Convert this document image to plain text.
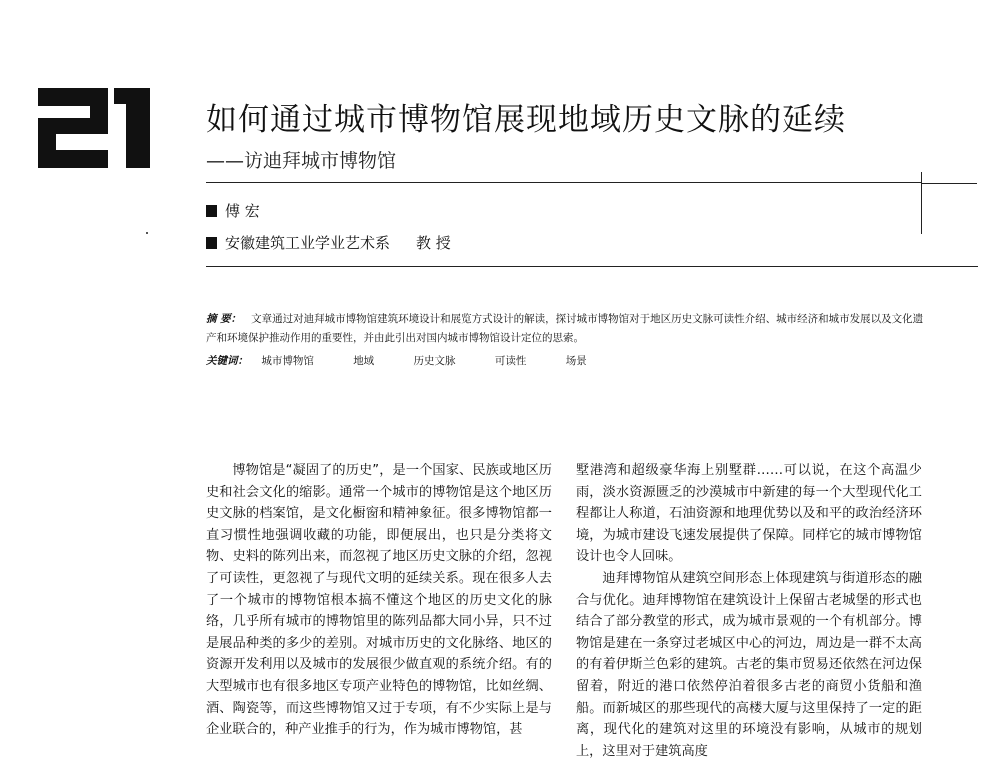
如何通过城市博物馆展现地域历史文脉的延续
——访迪拜城市博物馆
傅 宏
安徽建筑工业学业艺术系 教 授
摘 要： 文章通过对迪拜城市博物馆建筑环境设计和展览方式设计的解读，探讨城市博物馆对于地区历史文脉可读性介绍、城市经济和城市发展以及文化遗产和环境保护推动作用的重要性，并由此引出对国内城市博物馆设计定位的思索。
关键词： 城市博物馆	地域	历史文脉	可读性	场景

博物馆是“凝固了的历史”，是一个国家、民族或地区历史和社会文化的缩影。通常一个城市的博物馆是这个地区历史文脉的档案馆，是文化橱窗和精神象征。很多博物馆都一直习惯性地强调收藏的功能，即便展出，也只是分类将文物、史料的陈列出来，而忽视了地区历史文脉的介绍，忽视了可读性，更忽视了与现代文明的延续关系。现在很多人去了一个城市的博物馆根本搞不懂这个地区的历史文化的脉络，几乎所有城市的博物馆里的陈列品都大同小异，只不过是展品种类的多少的差别。对城市历史的文化脉络、地区的资源开发利用以及城市的发展很少做直观的系统介绍。有的大型城市也有很多地区专项产业特色的博物馆，比如丝绸、酒、陶瓷等，而这些博物馆又过于专项，有不少实际上是与企业联合的，种产业推手的行为，作为城市博物馆，甚

墅港湾和超级豪华海上别墅群……可以说，在这个高温少雨，淡水资源匮乏的沙漠城市中新建的每一个大型现代化工程都让人称道，石油资源和地理优势以及和平的政治经济环境，为城市建设飞速发展提供了保障。同样它的城市博物馆设计也令人回味。

迪拜博物馆从建筑空间形态上体现建筑与街道形态的融合与优化。迪拜博物馆在建筑设计上保留古老城堡的形式也结合了部分教堂的形式，成为城市景观的一个有机部分。博物馆是建在一条穿过老城区中心的河边，周边是一群不太高的有着伊斯兰色彩的建筑。古老的集市贸易还依然在河边保留着，附近的港口依然停泊着很多古老的商贸小货船和渔船。而新城区的那些现代的高楼大厦与这里保持了一定的距离，现代化的建筑对这里的环境没有影响，从城市的规划上，这里对于建筑高度
